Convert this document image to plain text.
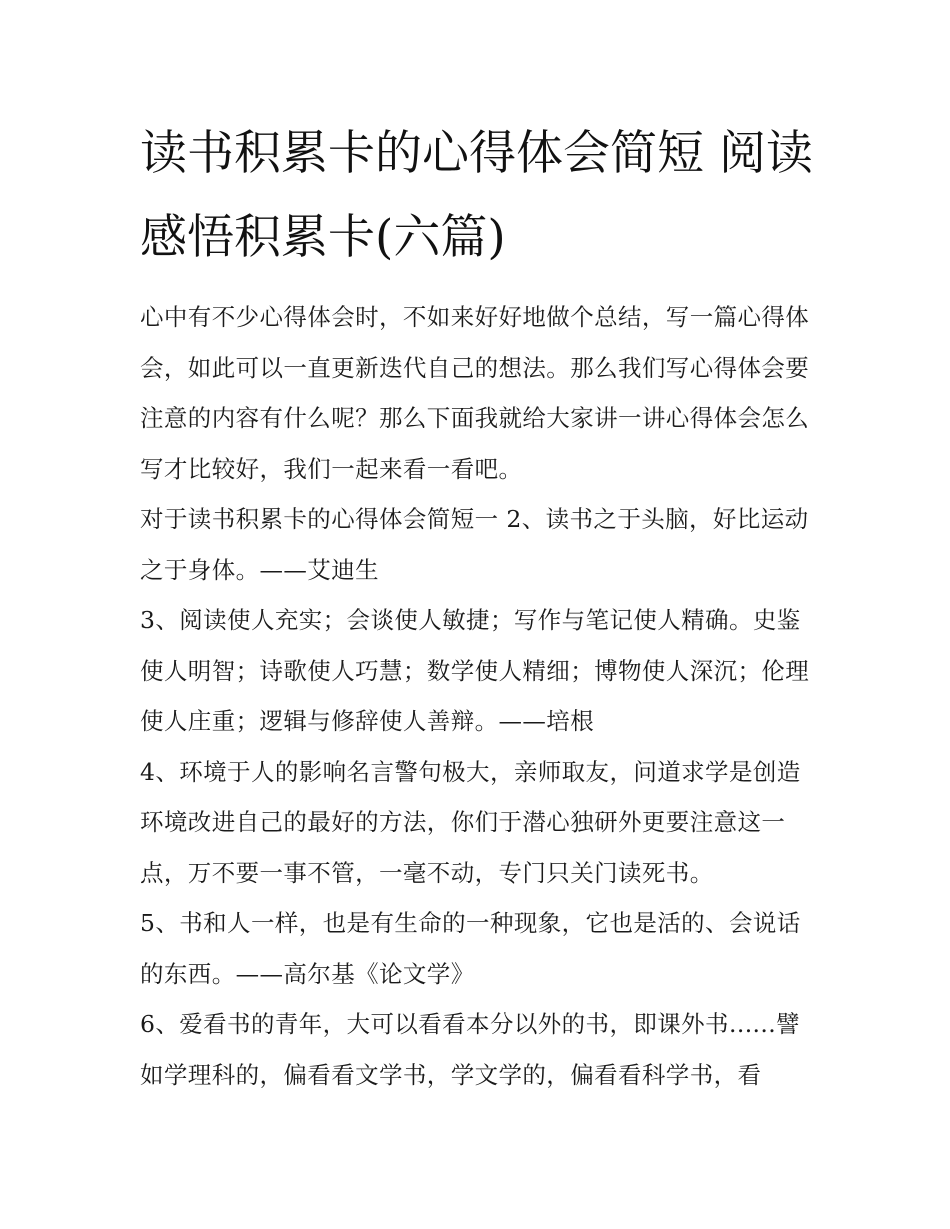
读书积累卡的心得体会简短 阅读感悟积累卡(六篇)

心中有不少心得体会时，不如来好好地做个总结，写一篇心得体会，如此可以一直更新迭代自己的想法。那么我们写心得体会要注意的内容有什么呢？那么下面我就给大家讲一讲心得体会怎么写才比较好，我们一起来看一看吧。

对于读书积累卡的心得体会简短一 2、读书之于头脑，好比运动之于身体。——艾迪生

3、阅读使人充实；会谈使人敏捷；写作与笔记使人精确。史鉴使人明智；诗歌使人巧慧；数学使人精细；博物使人深沉；伦理使人庄重；逻辑与修辞使人善辩。——培根

4、环境于人的影响名言警句极大，亲师取友，问道求学是创造环境改进自己的最好的方法，你们于潜心独研外更要注意这一点，万不要一事不管，一毫不动，专门只关门读死书。

5、书和人一样，也是有生命的一种现象，它也是活的、会说话的东西。——高尔基《论文学》

6、爱看书的青年，大可以看看本分以外的书，即课外书......譬如学理科的，偏看看文学书，学文学的，偏看看科学书，看
